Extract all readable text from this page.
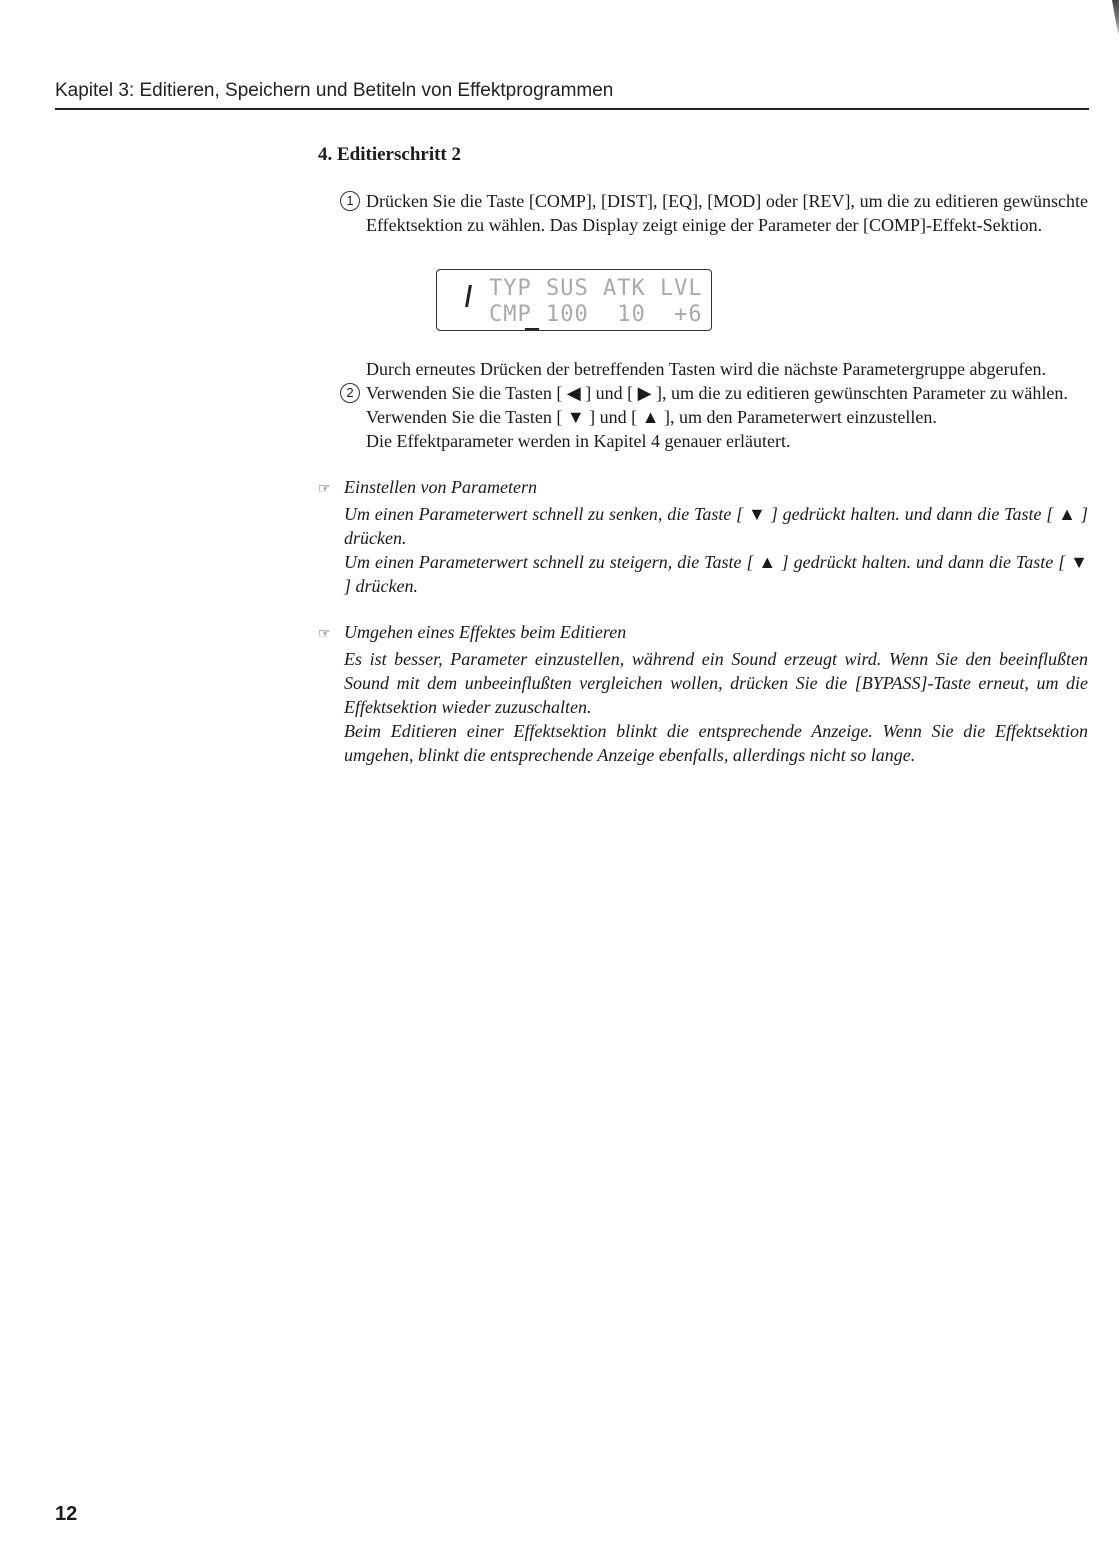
Kapitel 3: Editieren, Speichern und Betiteln von Effektprogrammen
4. Editierschritt 2
1 Drücken Sie die Taste [COMP], [DIST], [EQ], [MOD] oder [REV], um die zu editieren gewünschte Effektsektion zu wählen. Das Display zeigt einige der Parameter der [COMP]-Effekt-Sektion.
TYP SUS ATK LVL
CMP 100  10  +6
Durch erneutes Drücken der betreffenden Tasten wird die nächste Parametergruppe abgerufen.
2 Verwenden Sie die Tasten [ ◀ ] und [ ▶ ], um die zu editieren gewünschten Parameter zu wählen.
Verwenden Sie die Tasten [ ▼ ] und [ ▲ ], um den Parameterwert einzustellen.
Die Effektparameter werden in Kapitel 4 genauer erläutert.
☞ Einstellen von Parametern
Um einen Parameterwert schnell zu senken, die Taste [ ▼ ] gedrückt halten. und dann die Taste [ ▲ ] drücken.
Um einen Parameterwert schnell zu steigern, die Taste [ ▲ ] gedrückt halten. und dann die Taste [ ▼ ] drücken.
☞ Umgehen eines Effektes beim Editieren
Es ist besser, Parameter einzustellen, während ein Sound erzeugt wird. Wenn Sie den beeinflußten Sound mit dem unbeeinflußten vergleichen wollen, drücken Sie die [BYPASS]-Taste erneut, um die Effektsektion wieder zuzuschalten.
Beim Editieren einer Effektsektion blinkt die entsprechende Anzeige. Wenn Sie die Effektsektion umgehen, blinkt die entsprechende Anzeige ebenfalls, allerdings nicht so lange.
12
